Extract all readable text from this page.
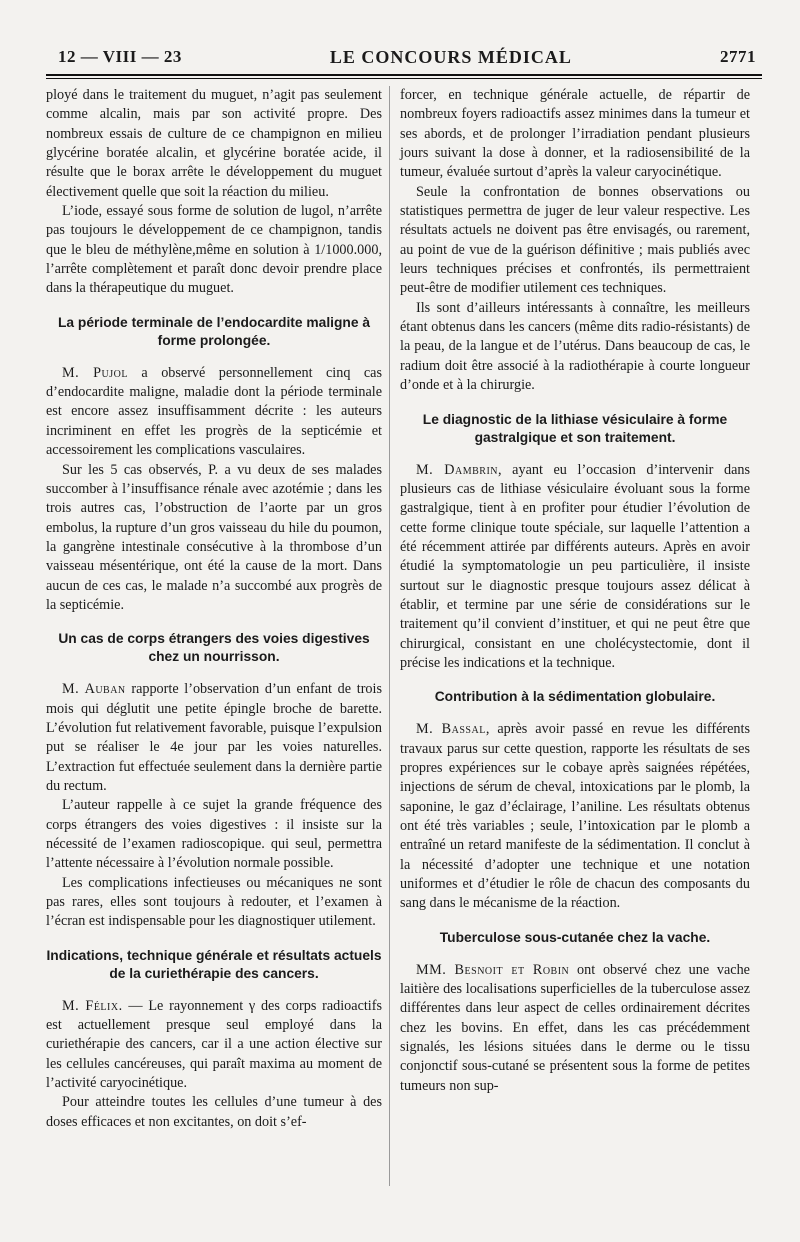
12 — VIII — 23	LE CONCOURS MÉDICAL	2771

ployé dans le traitement du muguet, n’agit pas seulement comme alcalin, mais par son activité propre. Des nombreux essais de culture de ce champignon en milieu glycérine boratée alcalin, et glycérine boratée acide, il résulte que le borax arrête le développement du muguet électivement quelle que soit la réaction du milieu.

L’iode, essayé sous forme de solution de lugol, n’arrête pas toujours le développement de ce champignon, tandis que le bleu de méthylène,même en solution à 1/1000.000, l’arrête complètement et paraît donc devoir prendre place dans la thérapeutique du muguet.

La période terminale de l’endocardite maligne à forme prolongée.

M. Pujol a observé personnellement cinq cas d’endocardite maligne, maladie dont la période terminale est encore assez insuffisamment décrite : les auteurs incriminent en effet les progrès de la septicémie et accessoirement les complications vasculaires.

Sur les 5 cas observés, P. a vu deux de ses malades succomber à l’insuffisance rénale avec azotémie ; dans les trois autres cas, l’obstruction de l’aorte par un gros embolus, la rupture d’un gros vaisseau du hile du poumon, la gangrène intestinale consécutive à la thrombose d’un vaisseau mésentérique, ont été la cause de la mort. Dans aucun de ces cas, le malade n’a succombé aux progrès de la septicémie.

Un cas de corps étrangers des voies digestives chez un nourrisson.

M. Auban rapporte l’observation d’un enfant de trois mois qui déglutit une petite épingle broche de barette. L’évolution fut relativement favorable, puisque l’expulsion put se réaliser le 4e jour par les voies naturelles. L’extraction fut effectuée seulement dans la dernière partie du rectum.

L’auteur rappelle à ce sujet la grande fréquence des corps étrangers des voies digestives : il insiste sur la nécessité de l’examen radioscopique. qui seul, permettra l’attente nécessaire à l’évolution normale possible.

Les complications infectieuses ou mécaniques ne sont pas rares, elles sont toujours à redouter, et l’examen à l’écran est indispensable pour les diagnostiquer utilement.

Indications, technique générale et résultats actuels de la curiethérapie des cancers.

M. Félix. — Le rayonnement γ des corps radioactifs est actuellement presque seul employé dans la curiethérapie des cancers, car il a une action élective sur les cellules cancéreuses, qui paraît maxima au moment de l’activité caryocinétique.

Pour atteindre toutes les cellules d’une tumeur à des doses efficaces et non excitantes, on doit s’ef-

forcer, en technique générale actuelle, de répartir de nombreux foyers radioactifs assez minimes dans la tumeur et ses abords, et de prolonger l’irradiation pendant plusieurs jours suivant la dose à donner, et la radiosensibilité de la tumeur, évaluée surtout d’après la valeur caryocinétique.

Seule la confrontation de bonnes observations ou statistiques permettra de juger de leur valeur respective. Les résultats actuels ne doivent pas être envisagés, ou rarement, au point de vue de la guérison définitive ; mais publiés avec leurs techniques précises et confrontés, ils permettraient peut-être de modifier utilement ces techniques.

Ils sont d’ailleurs intéressants à connaître, les meilleurs étant obtenus dans les cancers (même dits radio-résistants) de la peau, de la langue et de l’utérus. Dans beaucoup de cas, le radium doit être associé à la radiothérapie à courte longueur d’onde et à la chirurgie.

Le diagnostic de la lithiase vésiculaire à forme gastralgique et son traitement.

M. Dambrin, ayant eu l’occasion d’intervenir dans plusieurs cas de lithiase vésiculaire évoluant sous la forme gastralgique, tient à en profiter pour étudier l’évolution de cette forme clinique toute spéciale, sur laquelle l’attention a été récemment attirée par différents auteurs. Après en avoir étudié la symptomatologie un peu particulière, il insiste surtout sur le diagnostic presque toujours assez délicat à établir, et termine par une série de considérations sur le traitement qu’il convient d’instituer, et qui ne peut être que chirurgical, consistant en une cholécystectomie, dont il précise les indications et la technique.

Contribution à la sédimentation globulaire.

M. Bassal, après avoir passé en revue les différents travaux parus sur cette question, rapporte les résultats de ses propres expériences sur le cobaye après saignées répétées, injections de sérum de cheval, intoxications par le plomb, la saponine, le gaz d’éclairage, l’aniline. Les résultats obtenus ont été très variables ; seule, l’intoxication par le plomb a entraîné un retard manifeste de la sédimentation. Il conclut à la nécessité d’adopter une technique et une notation uniformes et d’étudier le rôle de chacun des composants du sang dans le mécanisme de la réaction.

Tuberculose sous-cutanée chez la vache.

MM. Besnoit et Robin ont observé chez une vache laitière des localisations superficielles de la tuberculose assez différentes dans leur aspect de celles ordinairement décrites chez les bovins. En effet, dans les cas précédemment signalés, les lésions situées dans le derme ou le tissu conjonctif sous-cutané se présentent sous la forme de petites tumeurs non sup-
